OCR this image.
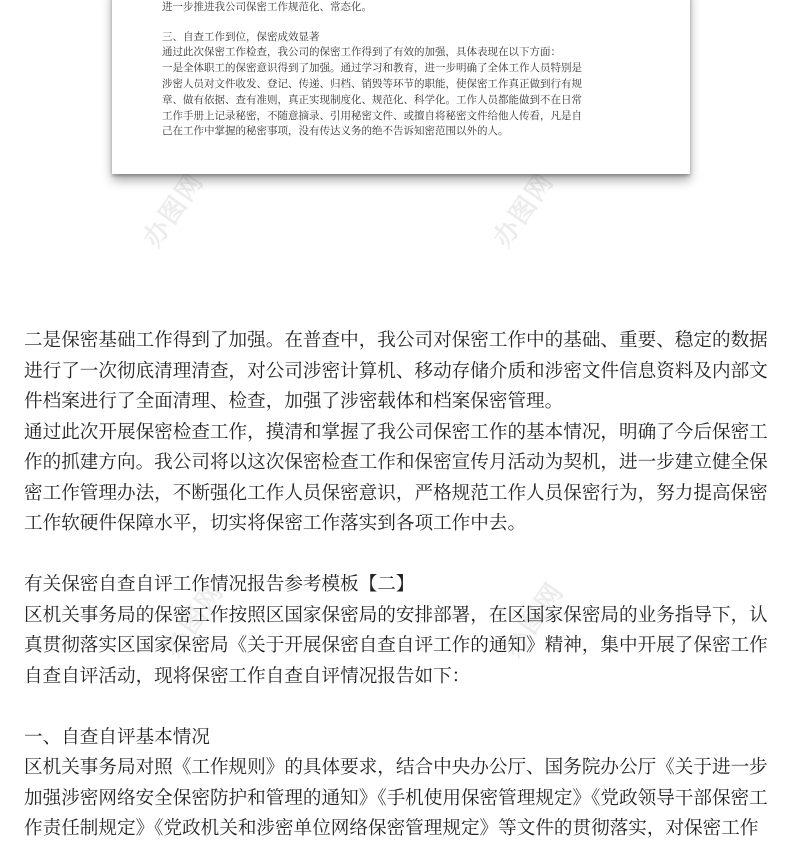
办图网	办图网
办图网
办图网

进一步推进我公司保密工作规范化、常态化。

三、自查工作到位，保密成效显著

通过此次保密工作检查，我公司的保密工作得到了有效的加强，具体表现在以下方面：

一是全体职工的保密意识得到了加强。通过学习和教育，进一步明确了全体工作人员特别是

涉密人员对文件收发、登记、传递、归档、销毁等环节的职能，使保密工作真正做到行有规

章、做有依据、查有准则，真正实现制度化、规范化、科学化。工作人员都能做到不在日常

工作手册上记录秘密，不随意摘录、引用秘密文件、或擅自将秘密文件给他人传看，凡是自

己在工作中掌握的秘密事项，没有传达义务的绝不告诉知密范围以外的人。

二是保密基础工作得到了加强。在普查中，我公司对保密工作中的基础、重要、稳定的数据

进行了一次彻底清理清查，对公司涉密计算机、移动存储介质和涉密文件信息资料及内部文

件档案进行了全面清理、检查，加强了涉密载体和档案保密管理。

通过此次开展保密检查工作，摸清和掌握了我公司保密工作的基本情况，明确了今后保密工

作的抓建方向。我公司将以这次保密检查工作和保密宣传月活动为契机，进一步建立健全保

密工作管理办法，不断强化工作人员保密意识，严格规范工作人员保密行为，努力提高保密

工作软硬件保障水平，切实将保密工作落实到各项工作中去。

有关保密自查自评工作情况报告参考模板【二】

区机关事务局的保密工作按照区国家保密局的安排部署，在区国家保密局的业务指导下，认

真贯彻落实区国家保密局《关于开展保密自查自评工作的通知》精神，集中开展了保密工作

自查自评活动，现将保密工作自查自评情况报告如下：

一、自查自评基本情况

区机关事务局对照《工作规则》的具体要求，结合中央办公厅、国务院办公厅《关于进一步

加强涉密网络安全保密防护和管理的通知》《手机使用保密管理规定》《党政领导干部保密工

作责任制规定》《党政机关和涉密单位网络保密管理规定》等文件的贯彻落实，对保密工作
